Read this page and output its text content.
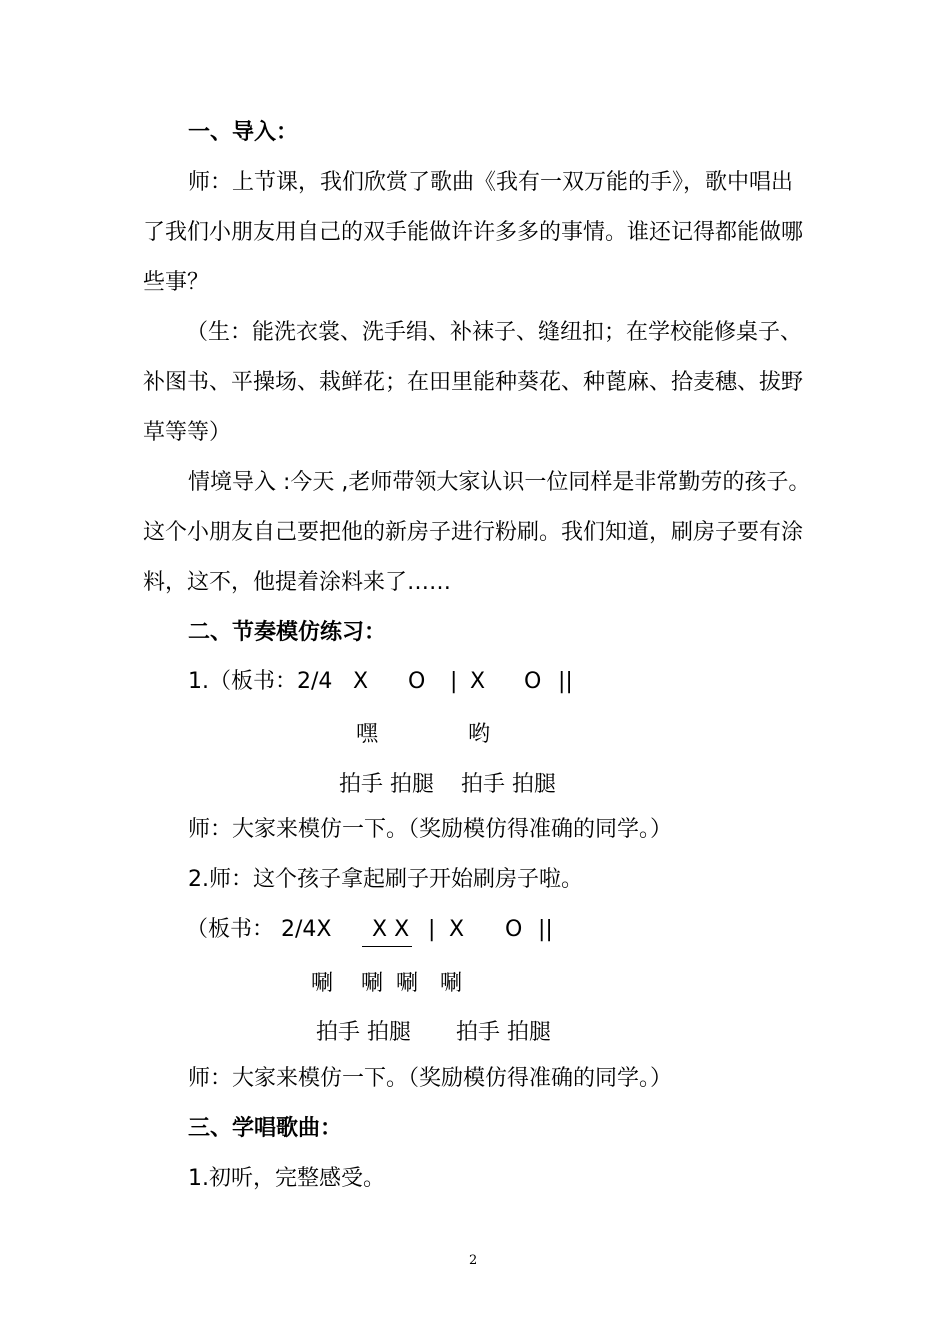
一、导入：
师：上节课，我们欣赏了歌曲《我有一双万能的手》，歌中唱出
了我们小朋友用自己的双手能做许许多多的事情。谁还记得都能做哪
些事？
（生：能洗衣裳、洗手绢、补袜子、缝纽扣；在学校能修桌子、
补图书、平操场、栽鲜花；在田里能种葵花、种蓖麻、拾麦穗、拔野
草等等）
情境导入 :今天 ,老师带领大家认识一位同样是非常勤劳的孩子。
这个小朋友自己要把他的新房子进行粉刷。我们知道，刷房子要有涂
料，这不，他提着涂料来了……
二、节奏模仿练习：
1.（板书：2/4 X O | X O ||
嘿	哟
拍手 拍腿 拍手 拍腿
师：大家来模仿一下。（奖励模仿得准确的同学。）
2.师：这个孩子拿起刷子开始刷房子啦。
（板书： 2/4X X X | X O ||
唰 唰 唰 唰
拍手 拍腿 拍手 拍腿
师：大家来模仿一下。（奖励模仿得准确的同学。）
三、学唱歌曲：
1.初听，完整感受。
2
